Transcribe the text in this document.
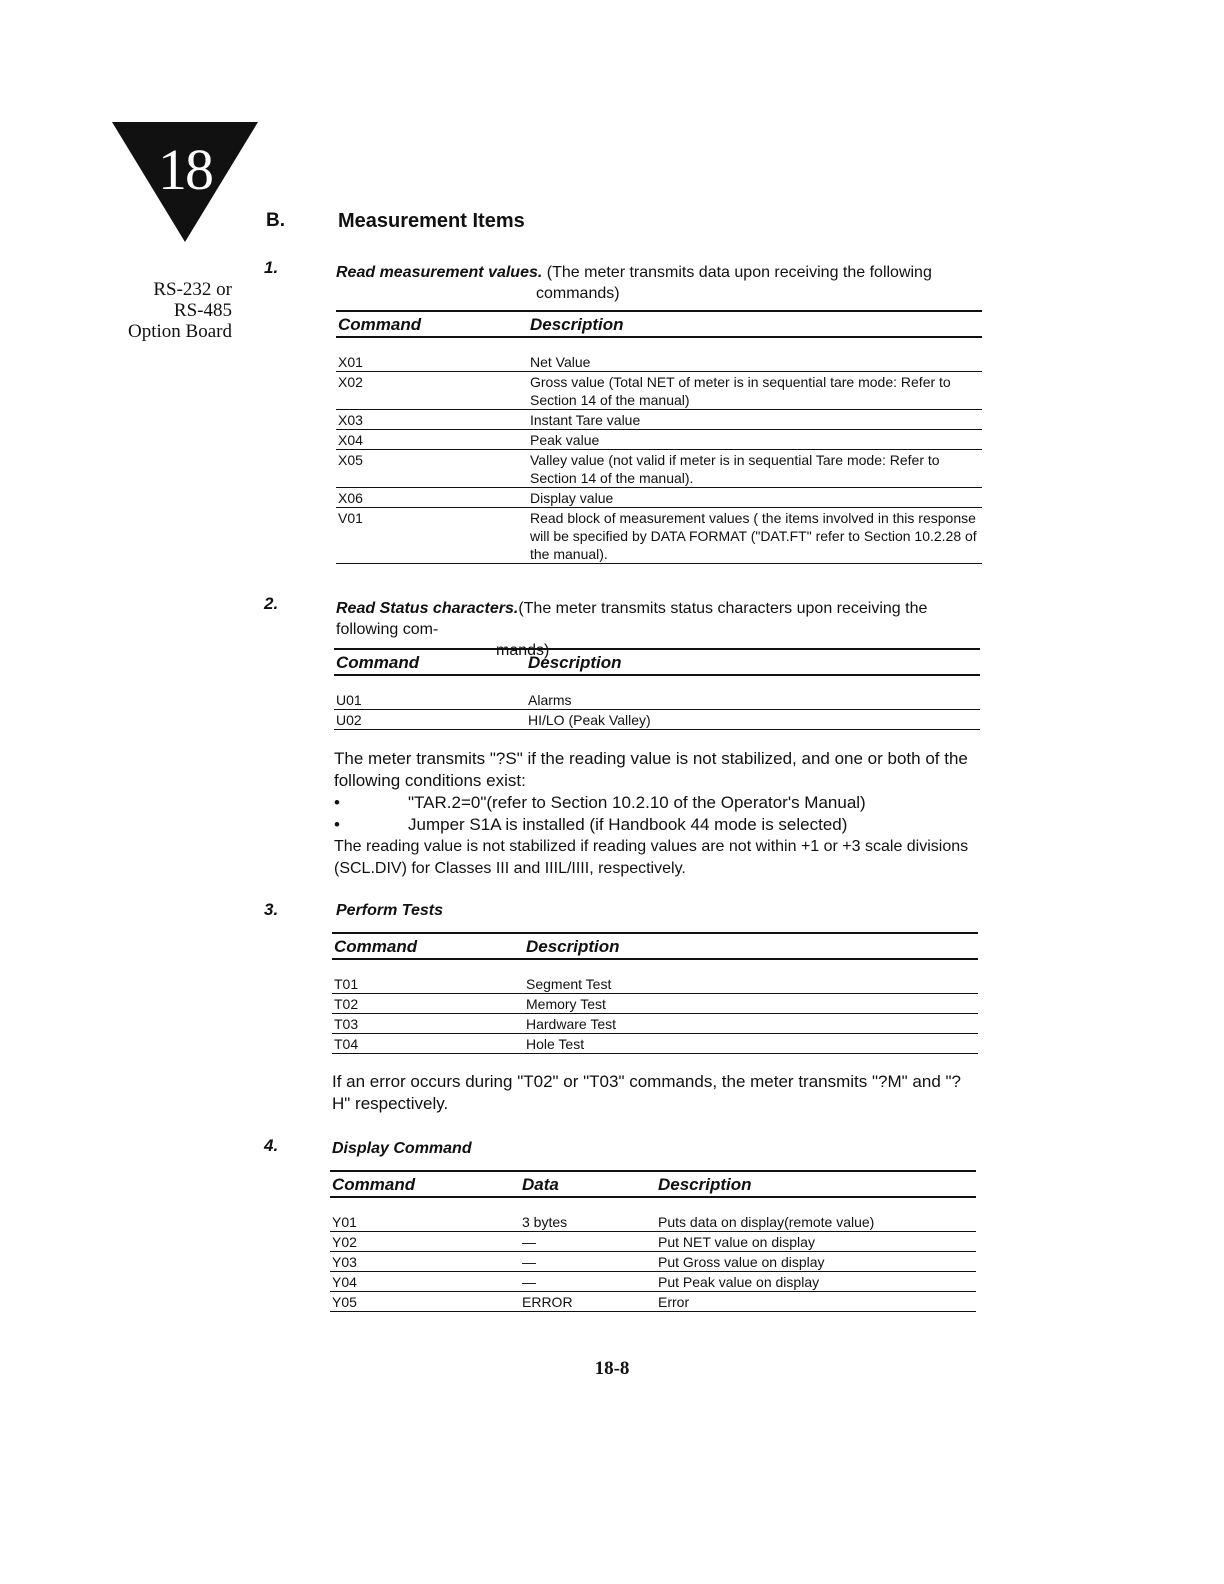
18
RS-232 or
RS-485
Option Board
B.	Measurement Items
1.	Read measurement values. (The meter transmits data upon receiving the following
commands)
Command	Description

X01	Net Value
X02	Gross value (Total NET of meter is in sequential tare mode: Refer to Section 14 of the manual)
X03	Instant Tare value
X04	Peak value
X05	Valley value (not valid if meter is in sequential Tare mode: Refer to Section 14 of the manual).
X06	Display value
V01	Read block of measurement values ( the items involved in this response will be specified by DATA FORMAT ("DAT.FT" refer to Section 10.2.28 of the manual).
2.	Read Status characters.(The meter transmits status characters upon receiving the following com-
mands)
Command	Description

U01	Alarms
U02	HI/LO (Peak Valley)
The meter transmits "?S" if the reading value is not stabilized, and one or both of the following conditions exist:
•	"TAR.2=0"(refer to Section 10.2.10 of the Operator's Manual)
•	Jumper S1A is installed (if Handbook 44 mode is selected)
The reading value is not stabilized if reading values are not within +1 or +3 scale divisions (SCL.DIV) for Classes III and IIIL/IIII, respectively.
3.	Perform Tests
Command	Description

T01	Segment Test
T02	Memory Test
T03	Hardware Test
T04	Hole Test
If an error occurs during "T02" or "T03" commands, the meter transmits "?M" and "?H" respectively.
4.	Display Command
Command	Data	Description

Y01	3 bytes	Puts data on display(remote value)
Y02	—	Put NET value on display
Y03	—	Put Gross value on display
Y04	—	Put Peak value on display
Y05	ERROR	Error
18-8
